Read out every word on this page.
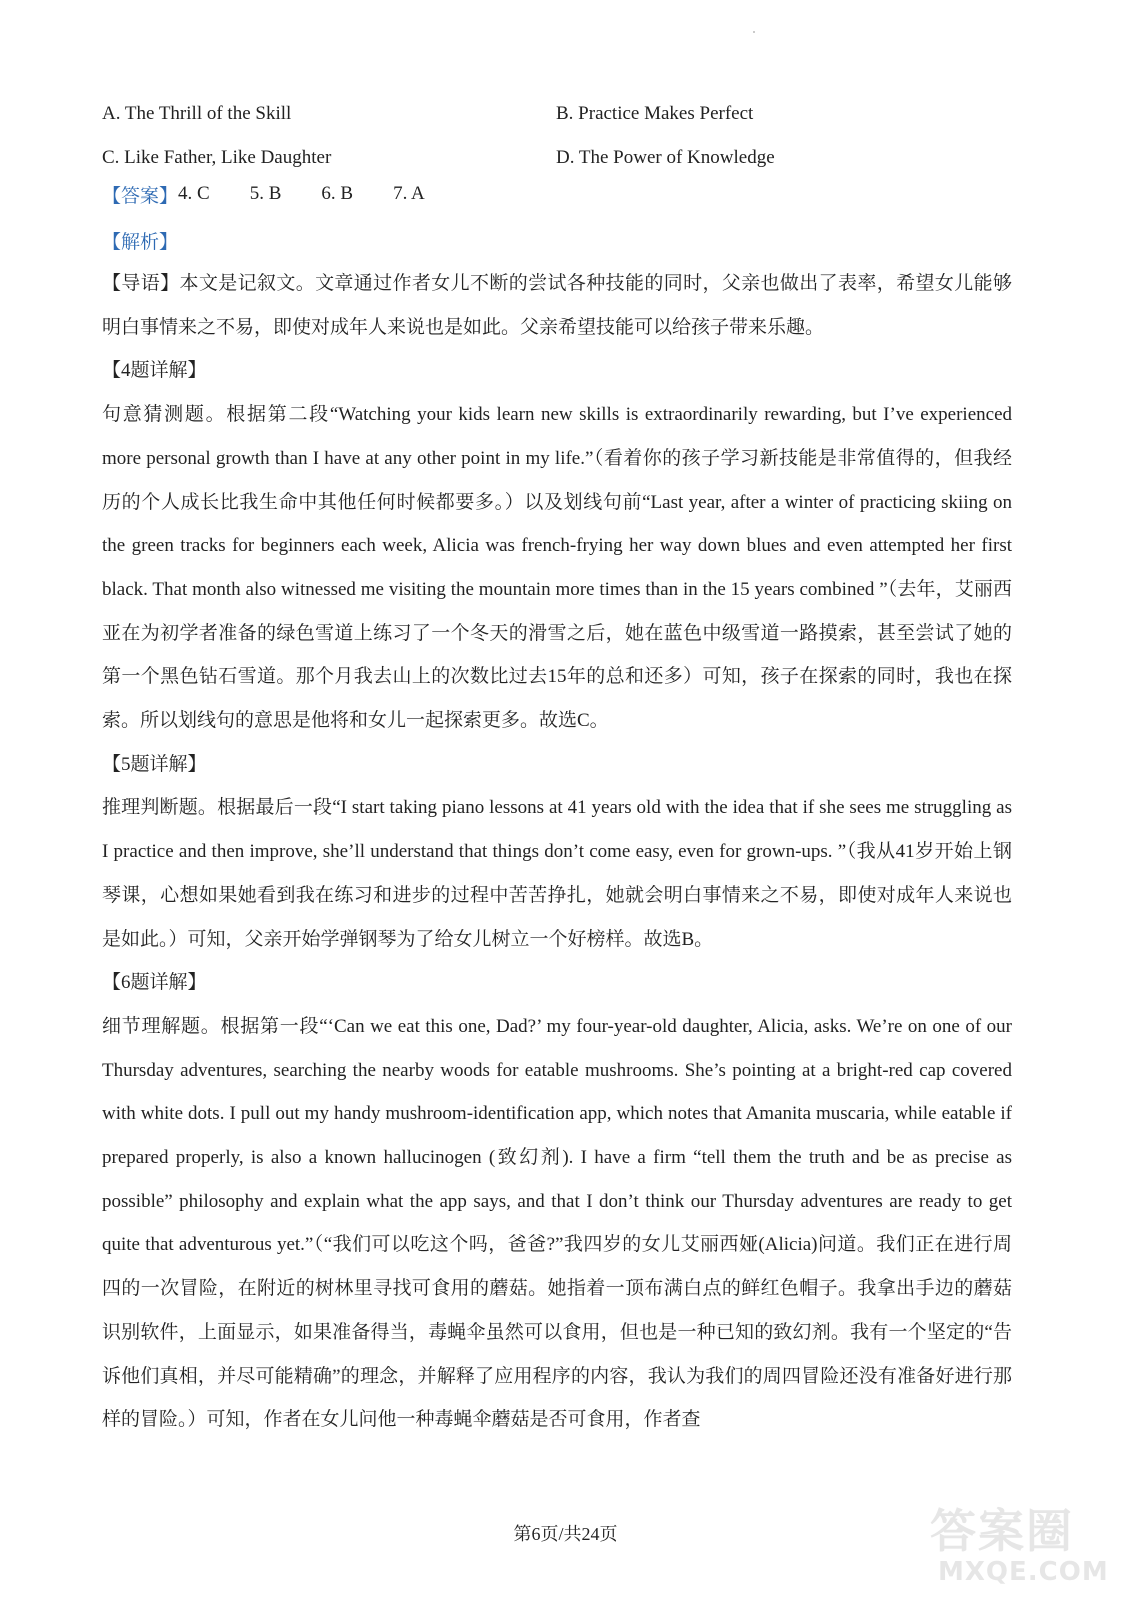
A. The Thrill of the Skill	B. Practice Makes Perfect
C. Like Father, Like Daughter	D. The Power of Knowledge
【答案】 4. C 5. B 6. B 7. A
【解析】

【导语】本文是记叙文。文章通过作者女儿不断的尝试各种技能的同时，父亲也做出了表率，希望女儿能够明白事情来之不易，即使对成年人来说也是如此。父亲希望技能可以给孩子带来乐趣。

【4题详解】

句意猜测题。根据第二段“Watching your kids learn new skills is extraordinarily rewarding, but I’ve experienced more personal growth than I have at any other point in my life.”（看着你的孩子学习新技能是非常值得的，但我经历的个人成长比我生命中其他任何时候都要多。）以及划线句前“Last year, after a winter of practicing skiing on the green tracks for beginners each week, Alicia was french-frying her way down blues and even attempted her first black. That month also witnessed me visiting the mountain more times than in the 15 years combined ”（去年，艾丽西亚在为初学者准备的绿色雪道上练习了一个冬天的滑雪之后，她在蓝色中级雪道一路摸索，甚至尝试了她的第一个黑色钻石雪道。那个月我去山上的次数比过去15年的总和还多）可知，孩子在探索的同时，我也在探索。所以划线句的意思是他将和女儿一起探索更多。故选C。

【5题详解】

推理判断题。根据最后一段“I start taking piano lessons at 41 years old with the idea that if she sees me struggling as I practice and then improve, she’ll understand that things don’t come easy, even for grown-ups. ”（我从41岁开始上钢琴课，心想如果她看到我在练习和进步的过程中苦苦挣扎，她就会明白事情来之不易，即使对成年人来说也是如此。）可知，父亲开始学弹钢琴为了给女儿树立一个好榜样。故选B。

【6题详解】

细节理解题。根据第一段“‘Can we eat this one, Dad?’ my four-year-old daughter, Alicia, asks. We’re on one of our Thursday adventures, searching the nearby woods for eatable mushrooms. She’s pointing at a bright-red cap covered with white dots. I pull out my handy mushroom-identification app, which notes that Amanita muscaria, while eatable if prepared properly, is also a known hallucinogen (致幻剂). I have a firm “tell them the truth and be as precise as possible” philosophy and explain what the app says, and that I don’t think our Thursday adventures are ready to get quite that adventurous yet.”（“我们可以吃这个吗，爸爸?”我四岁的女儿艾丽西娅(Alicia)问道。我们正在进行周四的一次冒险，在附近的树林里寻找可食用的蘑菇。她指着一顶布满白点的鲜红色帽子。我拿出手边的蘑菇识别软件，上面显示，如果准备得当，毒蝇伞虽然可以食用，但也是一种已知的致幻剂。我有一个坚定的“告诉他们真相，并尽可能精确”的理念，并解释了应用程序的内容，我认为我们的周四冒险还没有准备好进行那样的冒险。）可知，作者在女儿问他一种毒蝇伞蘑菇是否可食用，作者查

第6页/共24页	答案圈
MXQE.COM
